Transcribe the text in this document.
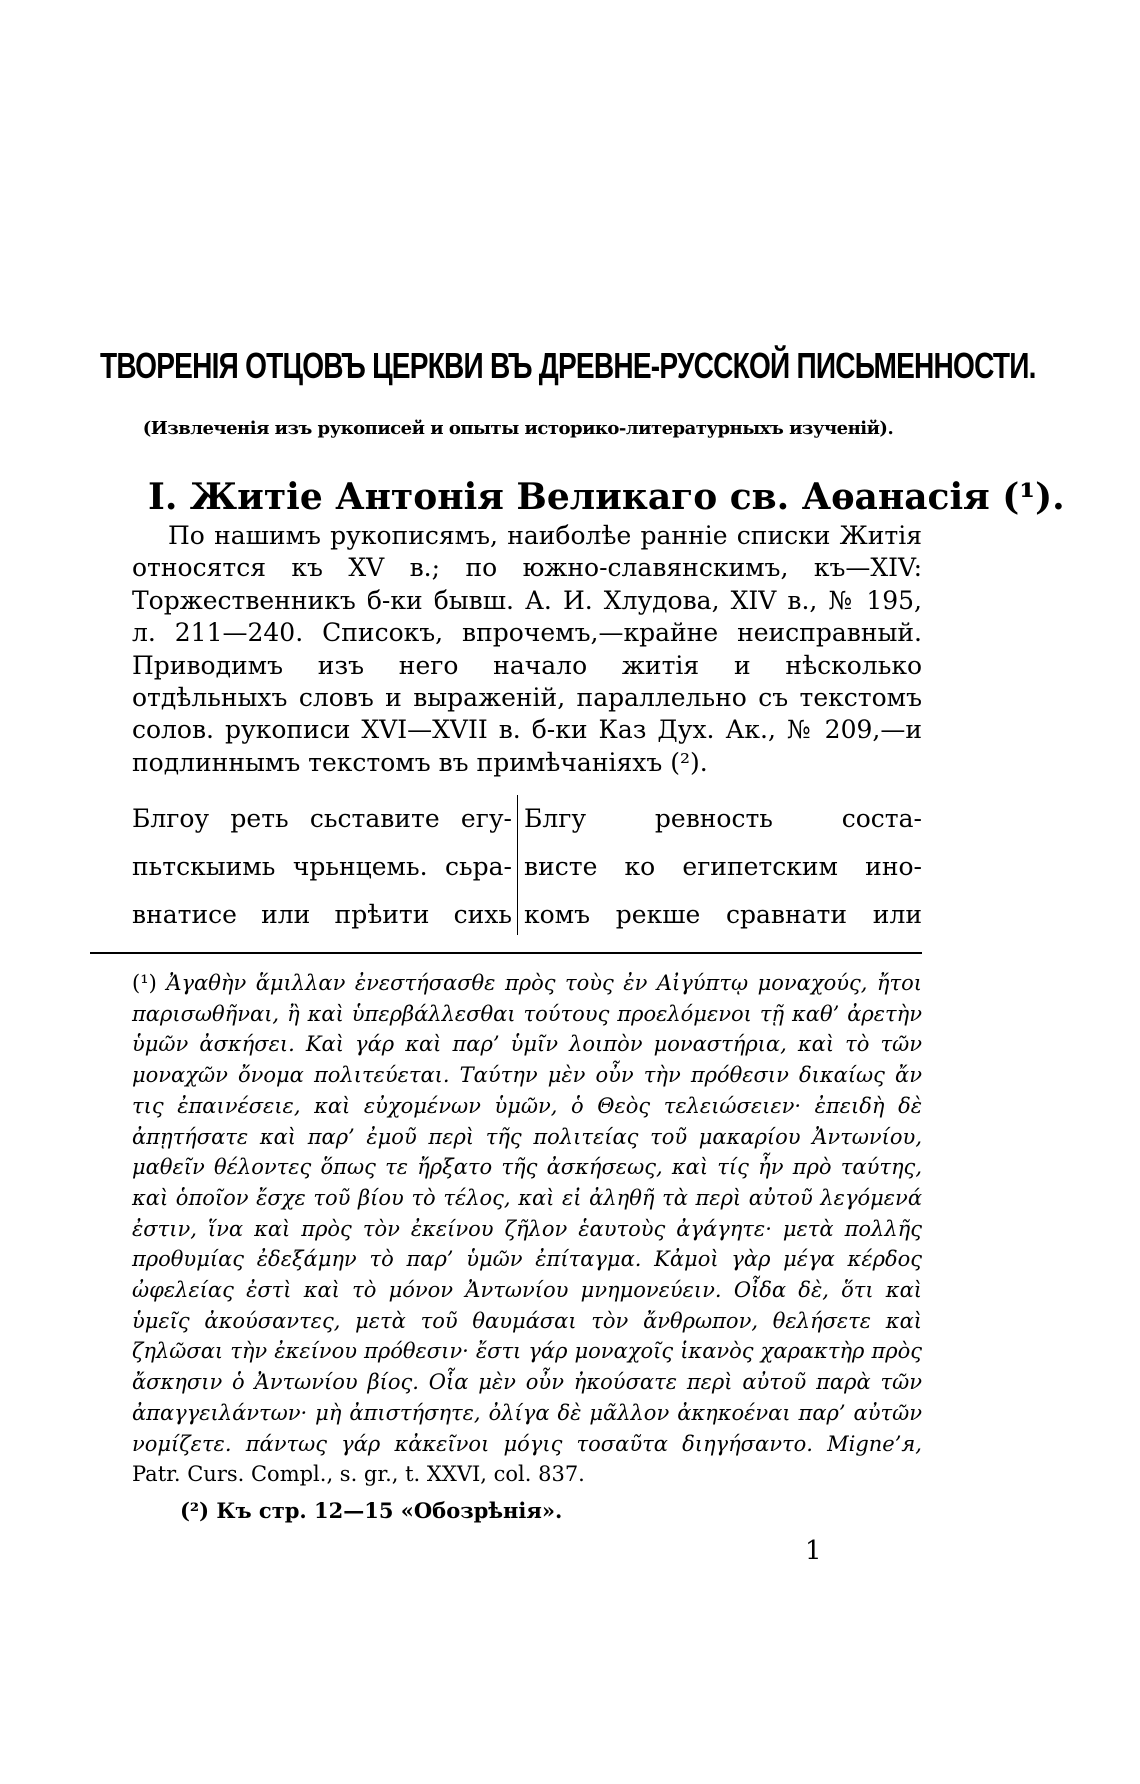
ТВОРЕНІЯ ОТЦОВЪ ЦЕРКВИ ВЪ ДРЕВНЕ-РУССКОЙ ПИСЬМЕННОСТИ.
(Извлеченія изъ рукописей и опыты историко-литературныхъ изученій).
I. Житіе Антонія Великаго св. Аѳанасія (¹).
По нашимъ рукописямъ, наиболѣе ранніе списки Житія относятся къ XV в.; по южно-славянскимъ, къ—XIV: Торжественникъ б-ки бывш. А. И. Хлудова, XIV в., № 195, л. 211—240. Списокъ, впрочемъ,—крайне неисправный. Приводимъ изъ него начало житія и нѣсколько отдѣльныхъ словъ и выраженій, параллельно съ текстомъ солов. рукописи XVI—XVII в. б-ки Каз Дух. Ак., № 209,—и подлиннымъ текстомъ въ примѣчаніяхъ (²).
Блгоу реть сьставите егу-
пьтскыимь чрьнцемь. сьра-
внатисе или прѣити сихь
Блгу ревность соста-
висте ко египетским ино-
комъ рекше сравнати или
(¹) Ἀγαθὴν ἅμιλλαν ἐνεστήσασθε πρὸς τοὺς ἐν Αἰγύπτῳ μοναχούς, ἤτοι παρισωθῆναι, ἢ καὶ ὑπερβάλλεσθαι τούτους προελόμενοι τῇ καθ’ ἀρετὴν ὑμῶν ἀσκήσει. Καὶ γάρ καὶ παρ’ ὑμῖν λοιπὸν μοναστήρια, καὶ τὸ τῶν μοναχῶν ὄνομα πολιτεύεται. Ταύτην μὲν οὖν τὴν πρόθεσιν δικαίως ἄν τις ἐπαινέσειε, καὶ εὐχομένων ὑμῶν, ὁ Θεὸς τελειώσειεν· ἐπειδὴ δὲ ἀπῃτήσατε καὶ παρ’ ἐμοῦ περὶ τῆς πολιτείας τοῦ μακαρίου Ἀντωνίου, μαθεῖν θέλοντες ὅπως τε ἤρξατο τῆς ἀσκήσεως, καὶ τίς ἦν πρὸ ταύτης, καὶ ὁποῖον ἔσχε τοῦ βίου τὸ τέλος, καὶ εἰ ἀληθῆ τὰ περὶ αὐτοῦ λεγόμενά ἐστιν, ἵνα καὶ πρὸς τὸν ἐκείνου ζῆλον ἑαυτοὺς ἀγάγητε· μετὰ πολλῆς προθυμίας ἐδεξάμην τὸ παρ’ ὑμῶν ἐπίταγμα. Κἀμοὶ γὰρ μέγα κέρδος ὠφελείας ἐστὶ καὶ τὸ μόνον Ἀντωνίου μνημονεύειν. Οἶδα δὲ, ὅτι καὶ ὑμεῖς ἀκούσαντες, μετὰ τοῦ θαυμάσαι τὸν ἄνθρωπον, θελήσετε καὶ ζηλῶσαι τὴν ἐκείνου πρόθεσιν· ἔστι γάρ μοναχοῖς ἱκανὸς χαρακτὴρ πρὸς ἄσκησιν ὁ Ἀντωνίου βίος. Οἷα μὲν οὖν ἠκούσατε περὶ αὐτοῦ παρὰ τῶν ἀπαγγειλάντων· μὴ ἀπιστήσητε, ὀλίγα δὲ μᾶλλον ἀκηκοέναι παρ’ αὐτῶν νομίζετε. πάντως γάρ κἀκεῖνοι μόγις τοσαῦτα διηγήσαντο. Migne’я, Patr. Curs. Compl., s. gr., t. XXVI, col. 837.
(²) Къ стр. 12—15 «Обозрѣнія».
1
